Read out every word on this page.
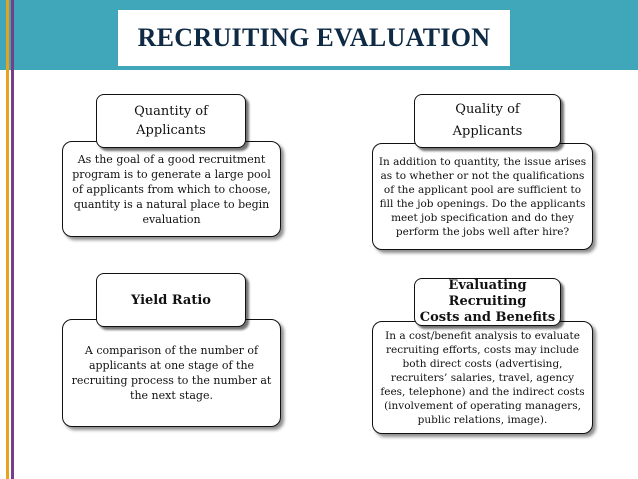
RECRUITING EVALUATION
Quantity of
Applicants
As the goal of a good recruitment program is to generate a large pool of applicants from which to choose, quantity is a natural place to begin evaluation
Quality of
Applicants
In addition to quantity, the issue arises as to whether or not the qualifications of the applicant pool are sufficient to fill the job openings. Do the applicants meet job specification and do they perform the jobs well after hire?
Yield Ratio
A comparison of the number of applicants at one stage of the recruiting process to the number at the next stage.
Evaluating Recruiting
Costs and Benefits
In a cost/benefit analysis to evaluate recruiting efforts, costs may include both direct costs (advertising, recruiters’ salaries, travel, agency fees, telephone) and the indirect costs (involvement of operating managers, public relations, image).
